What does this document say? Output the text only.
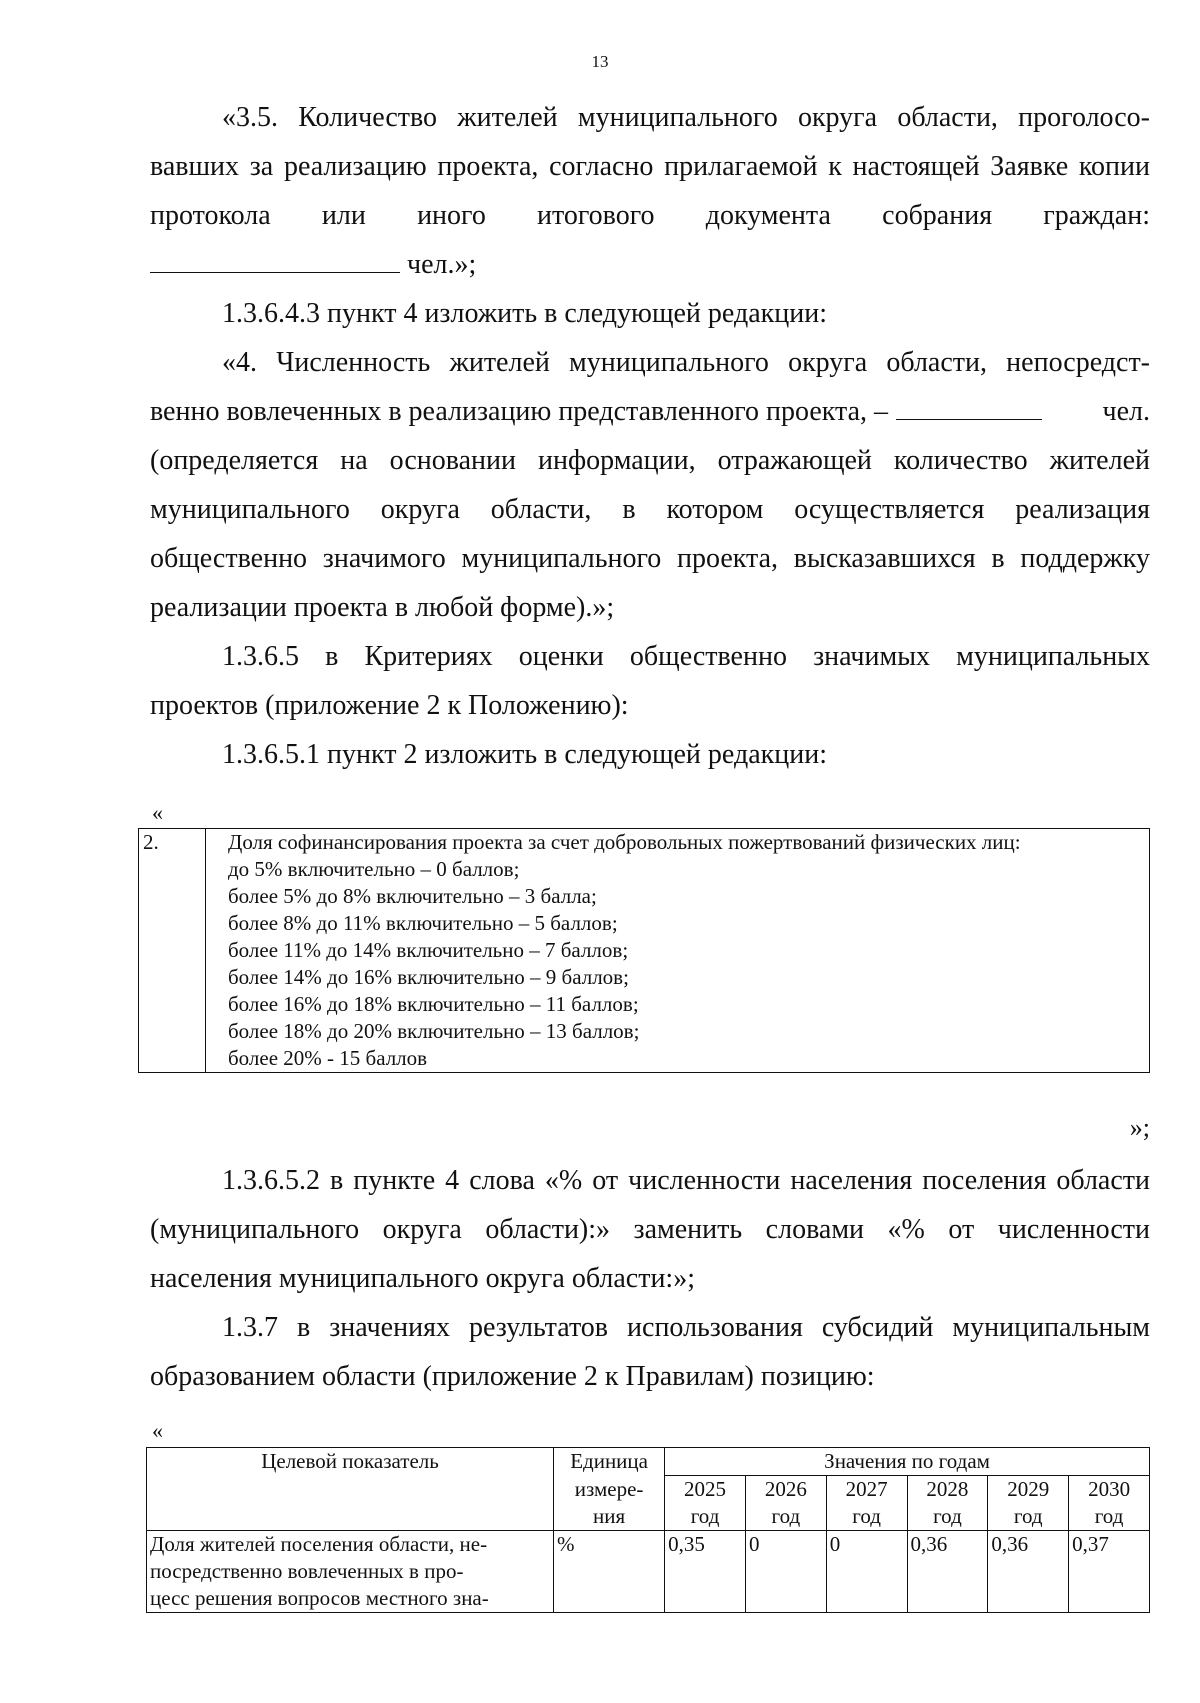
13

«3.5. Количество жителей муниципального округа области, проголосо-

вавших за реализацию проекта, согласно прилагаемой к настоящей Заявке копии

протокола или иного итогового документа собрания граждан:

чел.»;

1.3.6.4.3 пункт 4 изложить в следующей редакции:

«4. Численность жителей муниципального округа области, непосредст-

венно вовлеченных в реализацию представленного проекта, –	чел.

(определяется на основании информации, отражающей количество жителей муниципального округа области, в котором осуществляется реализация общественно значимого муниципального проекта, высказавшихся в поддержку реализации проекта в любой форме).»;

1.3.6.5 в Критериях оценки общественно значимых муниципальных проектов (приложение 2 к Положению):

1.3.6.5.1 пункт 2 изложить в следующей редакции:

«
2.	Доля софинансирования проекта за счет добровольных пожертвований физических лиц:
до 5% включительно – 0 баллов;
более 5% до 8% включительно – 3 балла;
более 8% до 11% включительно – 5 баллов;
более 11% до 14% включительно – 7 баллов;
более 14% до 16% включительно – 9 баллов;
более 16% до 18% включительно – 11 баллов;
более 18% до 20% включительно – 13 баллов;
более 20% - 15 баллов
»;

1.3.6.5.2 в пункте 4 слова «% от численности населения поселения области (муниципального округа области):» заменить словами «% от численности населения муниципального округа области:»;

1.3.7 в значениях результатов использования субсидий муниципальным образованием области (приложение 2 к Правилам) позицию:

«
Целевой показатель	Единица	Значения по годам					
	измере-	2025	2026	2027	2028	2029	2030
	ния	год	год	год	год	год	год

Доля жителей поселения области, не-
посредственно вовлеченных в про-
цесс решения вопросов местного зна-	%	0,35	0	0	0,36	0,36	0,37
